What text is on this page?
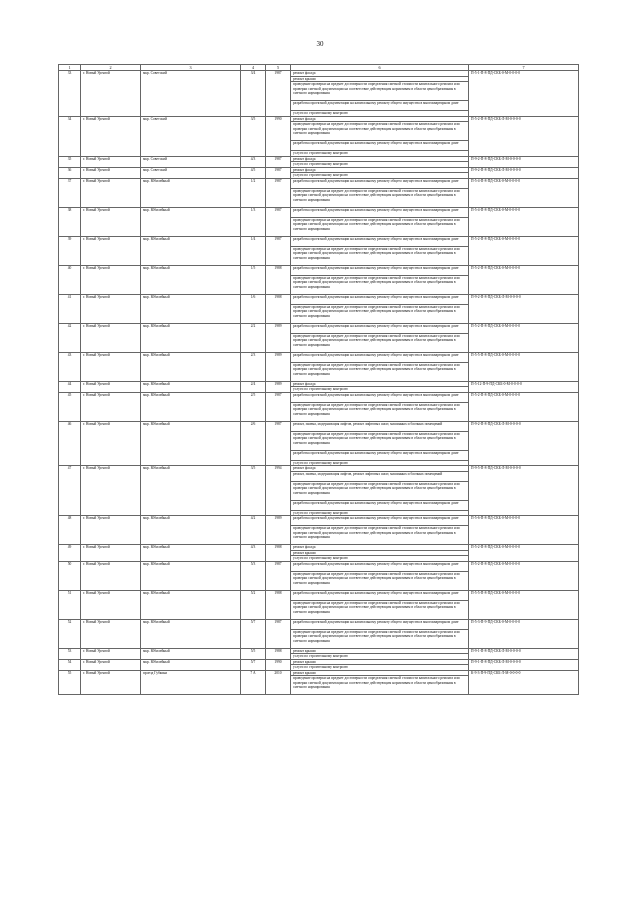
30
1	2	3	4	5	6	7
33	г. Новый Уренгой	мкр. Советский	3/4	1987	ремонт фасада	П-5-1-П-8-ПД-СКБ-0-М-0-0-0-0
					ремонт крыши	
					проведение проверки на предмет достоверности определения сметной стоимости капитального ремонта или проверки сметной документации на соответствие действующим нормативам в области ценообразования в сметного нормирования	
					разработка проектной документации на капитальному ремонту общего имущества в многоквартирном доме	
					услуги по строительному контролю	
34	г. Новый Уренгой	мкр. Советский	3/5	1990	ремонт фасада	П-5-2-П-8-ПД-СКБ-Л-М-0-0-0-0
					проведение проверки на предмет достоверности определения сметной стоимости капитального ремонта или проверки сметной документации на соответствие действующим нормативам в области ценообразования в сметного нормирования	
					разработка проектной документации на капитальному ремонту общего имущества в многоквартирном доме	
					услуги по строительному контролю	
35	г. Новый Уренгой	мкр. Советский	4/3	1987	ремонт фасада	П-9-2-П-8-ПД-СКБ-Л-М-0-0-0-0
					услуги по строительному контролю	
36	г. Новый Уренгой	мкр. Советский	4/5	1987	ремонт фасада	П-9-2-П-8-ПД-СКБ-Л-М-0-0-0-0
					услуги по строительному контролю	
37	г. Новый Уренгой	мкр. Юбилейный	1/2	1987	разработка проектной документации на капитальному ремонту общего имущества в многоквартирном доме	П-5-4-П-8-ПД-СКБ-0-М-0-0-0-0
					проведение проверки на предмет достоверности определения сметной стоимости капитального ремонта или проверки сметной документации на соответствие действующим нормативам в области ценообразования в сметного нормирования	
38	г. Новый Уренгой	мкр. Юбилейный	1/3	1987	разработка проектной документации на капитальному ремонту общего имущества в многоквартирном доме	П-5-4-П-8-ПД-СКБ-0-М-0-0-0-0
					проведение проверки на предмет достоверности определения сметной стоимости капитального ремонта или проверки сметной документации на соответствие действующим нормативам в области ценообразования в сметного нормирования	
39	г. Новый Уренгой	мкр. Юбилейный	1/4	1987	разработка проектной документации на капитальному ремонту общего имущества в многоквартирном доме	П-5-2-П-8-ПД-СКБ-0-М-0-0-0-0
					проведение проверки на предмет достоверности определения сметной стоимости капитального ремонта или проверки сметной документации на соответствие действующим нормативам в области ценообразования в сметного нормирования	
40	г. Новый Уренгой	мкр. Юбилейный	1/5	1988	разработка проектной документации на капитальному ремонту общего имущества в многоквартирном доме	П-5-2-П-8-ПД-СКБ-0-М-0-0-0-0
					проведение проверки на предмет достоверности определения сметной стоимости капитального ремонта или проверки сметной документации на соответствие действующим нормативам в области ценообразования в сметного нормирования	
41	г. Новый Уренгой	мкр. Юбилейный	1/6	1988	разработка проектной документации на капитальному ремонту общего имущества в многоквартирном доме	П-9-2-П-8-ПД-СКБ-Л-М-0-0-0-0
					проведение проверки на предмет достоверности определения сметной стоимости капитального ремонта или проверки сметной документации на соответствие действующим нормативам в области ценообразования в сметного нормирования	
42	г. Новый Уренгой	мкр. Юбилейный	2/2	1989	разработка проектной документации на капитальному ремонту общего имущества в многоквартирном доме	П-5-2-П-8-ПД-СКБ-0-М-0-0-0-0
					проведение проверки на предмет достоверности определения сметной стоимости капитального ремонта или проверки сметной документации на соответствие действующим нормативам в области ценообразования в сметного нормирования	
43	г. Новый Уренгой	мкр. Юбилейный	2/3	1989	разработка проектной документации на капитальному ремонту общего имущества в многоквартирном доме	П-5-5-П-8-ПД-СКБ-0-М-0-0-0-0
					проведение проверки на предмет достоверности определения сметной стоимости капитального ремонта или проверки сметной документации на соответствие действующим нормативам в области ценообразования в сметного нормирования	
44	г. Новый Уренгой	мкр. Юбилейный	2/4	1989	ремонт фасада	П-5-12-П-9-ПД-СКБ-0-М-0-0-0-0
					услуги по строительному контролю	
45	г. Новый Уренгой	мкр. Юбилейный	2/5	1987	разработка проектной документации на капитальному ремонту общего имущества в многоквартирном доме	П-5-2-П-8-ПД-СКБ-0-М-0-0-0-0
					проведение проверки на предмет достоверности определения сметной стоимости капитального ремонта или проверки сметной документации на соответствие действующим нормативам в области ценообразования в сметного нормирования	
46	г. Новый Уренгой	мкр. Юбилейный	2/6	1987	ремонт, замена, модернизация лифтов, ремонт лифтовых шахт, машинных и блочных помещений	П-9-2-П-8-ПД-СКБ-Л-М-0-0-0-0
					проведение проверки на предмет достоверности определения сметной стоимости капитального ремонта или проверки сметной документации на соответствие действующим нормативам в области ценообразования в сметного нормирования	
					разработка проектной документации на капитальному ремонту общего имущества в многоквартирном доме	
					услуги по строительному контролю	
47	г. Новый Уренгой	мкр. Юбилейный	3/5	1994	ремонт фасада	П-9-5-П-8-ПД-СКБ-Л-М-0-0-0-0
					ремонт, замена, модернизация лифтов, ремонт лифтовых шахт, машинных и блочных помещений	
					проведение проверки на предмет достоверности определения сметной стоимости капитального ремонта или проверки сметной документации на соответствие действующим нормативам в области ценообразования в сметного нормирования	
					разработка проектной документации на капитальному ремонту общего имущества в многоквартирном доме	
					услуги по строительному контролю	
48	г. Новый Уренгой	мкр. Юбилейный	4/2	1989	разработка проектной документации на капитальному ремонту общего имущества в многоквартирном доме	П-5-6-П-8-ПД-СКБ-0-М-0-0-0-0
					проведение проверки на предмет достоверности определения сметной стоимости капитального ремонта или проверки сметной документации на соответствие действующим нормативам в области ценообразования в сметного нормирования	
49	г. Новый Уренгой	мкр. Юбилейный	4/3	1988	ремонт фасада	П-5-2-П-8-ПД-СКБ-0-М-0-0-0-0
					ремонт крыши	
					услуги по строительному контролю	
50	г. Новый Уренгой	мкр. Юбилейный	5/3	1987	разработка проектной документации на капитальному ремонту общего имущества в многоквартирном доме	П-5-2-П-8-ПД-СКБ-0-М-0-0-0-0
					проведение проверки на предмет достоверности определения сметной стоимости капитального ремонта или проверки сметной документации на соответствие действующим нормативам в области ценообразования в сметного нормирования	
51	г. Новый Уренгой	мкр. Юбилейный	5/2	1988	разработка проектной документации на капитальному ремонту общего имущества в многоквартирном доме	П-5-5-П-8-ПД-СКБ-0-М-0-0-0-0
					проведение проверки на предмет достоверности определения сметной стоимости капитального ремонта или проверки сметной документации на соответствие действующим нормативам в области ценообразования в сметного нормирования	
52	г. Новый Уренгой	мкр. Юбилейный	5/7	1987	разработка проектной документации на капитальному ремонту общего имущества в многоквартирном доме	П-5-3-П-9-ПД-СКБ-0-М-0-0-0-0
					проведение проверки на предмет достоверности определения сметной стоимости капитального ремонта или проверки сметной документации на соответствие действующим нормативам в области ценообразования в сметного нормирования	
53	г. Новый Уренгой	мкр. Юбилейный	5/5	1988	ремонт крыши	П-9-1-П-8-ПД-СКБ-Л-М-0-0-0-0
					услуги по строительному контролю	
54	г. Новый Уренгой	мкр. Юбилейный	5/7	1990	ремонт крыши	П-9-1-П-8-ПД-СКБ-Л-М-0-0-0-0
					услуги по строительному контролю	
55	г. Новый Уренгой	проезд Губкина	7 А	2010	ремонт крыши	К-9-3-П-9-ПД-СКБ-Л-М-0-0-0-0
					проведение проверки на предмет достоверности определения сметной стоимости капитального ремонта или проверки сметной документации на соответствие действующим нормативам в области ценообразования в сметного нормирования	
